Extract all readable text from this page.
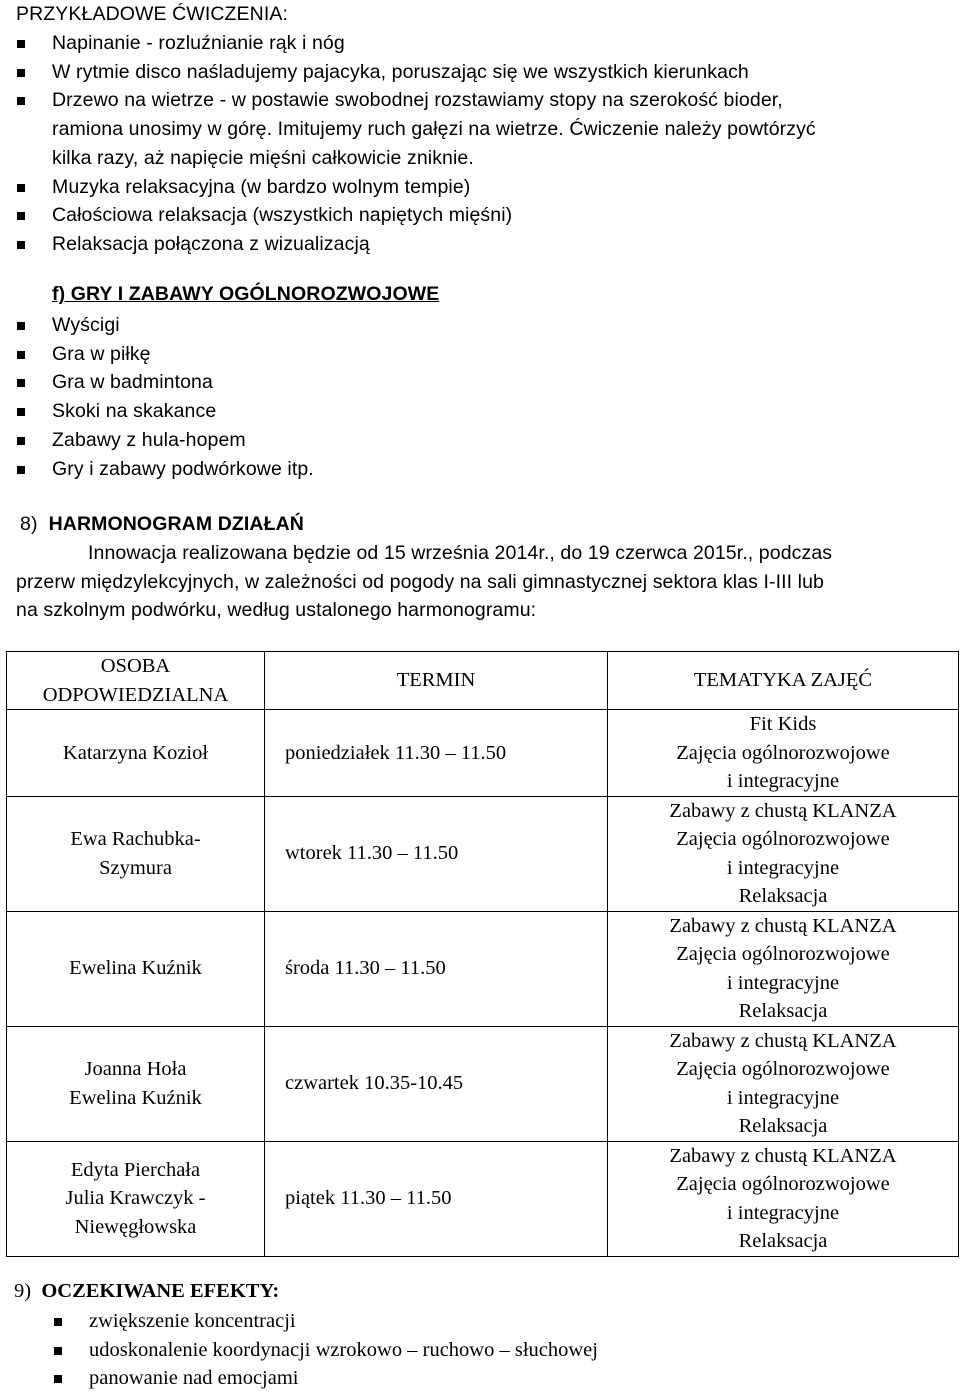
PRZYKŁADOWE ĆWICZENIA:
Napinanie - rozluźnianie rąk i nóg
W rytmie disco naśladujemy pajacyka, poruszając się we wszystkich kierunkach
Drzewo na wietrze - w postawie swobodnej rozstawiamy stopy na szerokość bioder,
ramiona unosimy w górę. Imitujemy ruch gałęzi na wietrze. Ćwiczenie należy powtórzyć
kilka razy, aż napięcie mięśni całkowicie zniknie.
Muzyka relaksacyjna (w bardzo wolnym tempie)
Całościowa relaksacja (wszystkich napiętych mięśni)
Relaksacja połączona z wizualizacją
f) GRY I ZABAWY OGÓLNOROZWOJOWE
Wyścigi
Gra w piłkę
Gra w badmintona
Skoki na skakance
Zabawy z hula-hopem
Gry i zabawy podwórkowe itp.
8) HARMONOGRAM DZIAŁAŃ
Innowacja realizowana będzie od 15 września 2014r., do 19 czerwca 2015r., podczas
przerw międzylekcyjnych, w zależności od pogody na sali gimnastycznej sektora klas I-III lub
na szkolnym podwórku, według ustalonego harmonogramu:
OSOBA
ODPOWIEDZIALNA	TERMIN	TEMATYKA ZAJĘĆ
Katarzyna Kozioł	poniedziałek 11.30 – 11.50	Fit Kids
Zajęcia ogólnorozwojowe
i integracyjne
Ewa Rachubka-
Szymura	wtorek 11.30 – 11.50	Zabawy z chustą KLANZA
Zajęcia ogólnorozwojowe
i integracyjne
Relaksacja
Ewelina Kuźnik	środa 11.30 – 11.50	Zabawy z chustą KLANZA
Zajęcia ogólnorozwojowe
i integracyjne
Relaksacja
Joanna Hoła
Ewelina Kuźnik	czwartek 10.35-10.45	Zabawy z chustą KLANZA
Zajęcia ogólnorozwojowe
i integracyjne
Relaksacja
Edyta Pierchała
Julia Krawczyk -
Niewęgłowska	piątek 11.30 – 11.50	Zabawy z chustą KLANZA
Zajęcia ogólnorozwojowe
i integracyjne
Relaksacja
9) OCZEKIWANE EFEKTY:
zwiększenie koncentracji
udoskonalenie koordynacji wzrokowo – ruchowo – słuchowej
panowanie nad emocjami
